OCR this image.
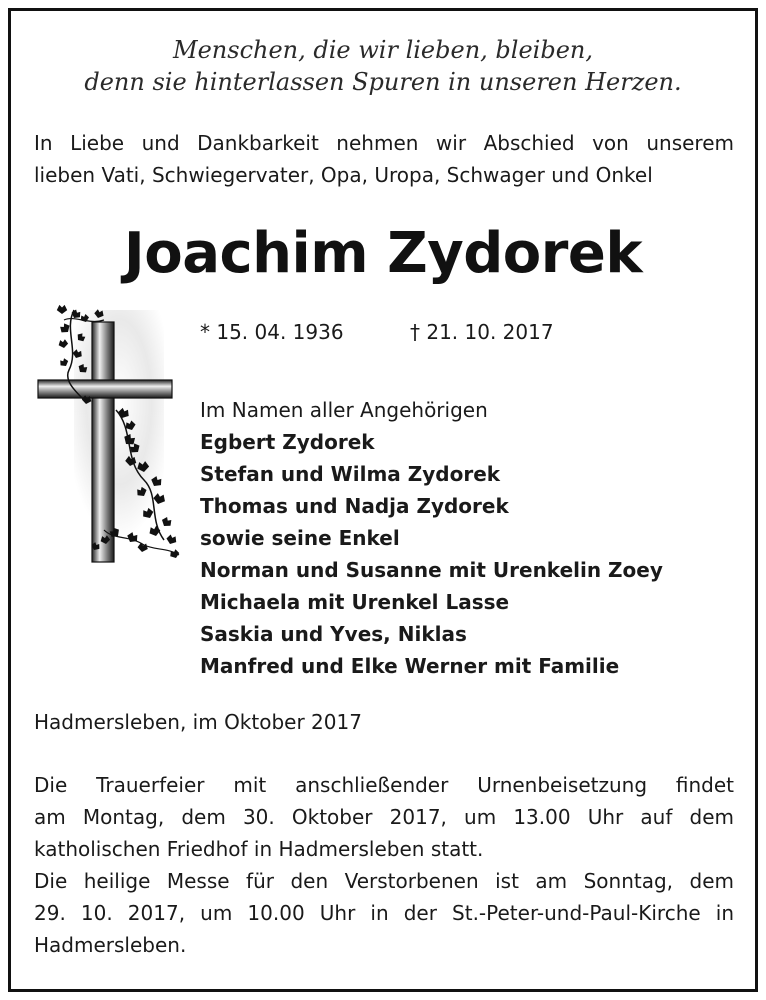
Menschen, die wir lieben, bleiben,
denn sie hinterlassen Spuren in unseren Herzen.
In Liebe und Dankbarkeit nehmen wir Abschied von unserem
lieben Vati, Schwiegervater, Opa, Uropa, Schwager und Onkel
Joachim Zydorek
* 15. 04. 1936	† 21. 10. 2017
Im Namen aller Angehörigen
Egbert Zydorek
Stefan und Wilma Zydorek
Thomas und Nadja Zydorek
sowie seine Enkel
Norman und Susanne mit Urenkelin Zoey
Michaela mit Urenkel Lasse
Saskia und Yves, Niklas
Manfred und Elke Werner mit Familie
Hadmersleben, im Oktober 2017
Die Trauerfeier mit anschließender Urnenbeisetzung findet
am Montag, dem 30. Oktober 2017, um 13.00 Uhr auf dem
katholischen Friedhof in Hadmersleben statt.
Die heilige Messe für den Verstorbenen ist am Sonntag, dem
29. 10. 2017, um 10.00 Uhr in der St.-Peter-und-Paul-Kirche in
Hadmersleben.
